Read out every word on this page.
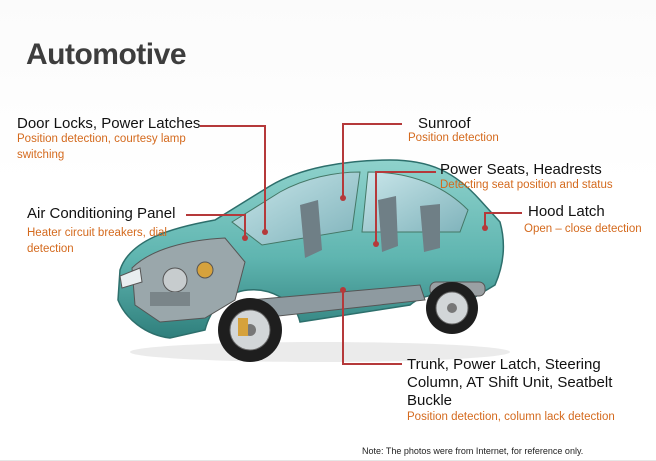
Automotive
Door Locks, Power Latches
Position detection, courtesy lamp switching
Sunroof
Position detection
Power Seats, Headrests
Detecting seat position and status
Air Conditioning Panel
Heater circuit breakers, dial detection
Hood Latch
Open – close detection
Trunk, Power Latch, Steering Column, AT Shift Unit, Seatbelt Buckle
Position detection, column lack detection
Note: The photos were from Internet, for reference only.
